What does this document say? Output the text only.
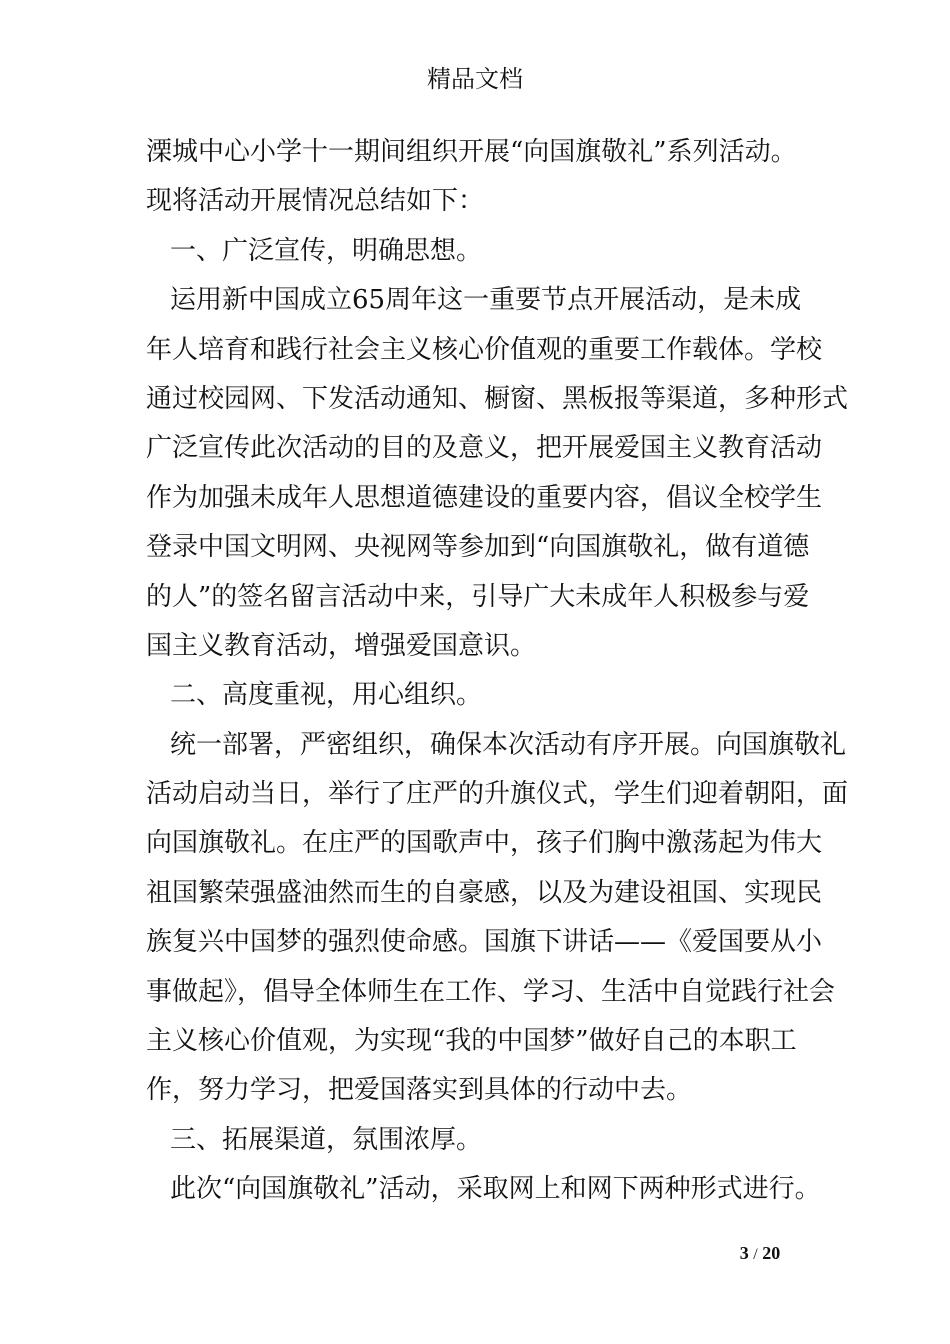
精品文档
溧城中心小学十一期间组织开展“向国旗敬礼”系列活动。
现将活动开展情况总结如下：
一、广泛宣传，明确思想。
运用新中国成立65周年这一重要节点开展活动，是未成
年人培育和践行社会主义核心价值观的重要工作载体。学校
通过校园网、下发活动通知、橱窗、黑板报等渠道，多种形式
广泛宣传此次活动的目的及意义，把开展爱国主义教育活动
作为加强未成年人思想道德建设的重要内容，倡议全校学生
登录中国文明网、央视网等参加到“向国旗敬礼，做有道德
的人”的签名留言活动中来，引导广大未成年人积极参与爱
国主义教育活动，增强爱国意识。
二、高度重视，用心组织。
统一部署，严密组织，确保本次活动有序开展。向国旗敬礼
活动启动当日，举行了庄严的升旗仪式，学生们迎着朝阳，面
向国旗敬礼。在庄严的国歌声中，孩子们胸中激荡起为伟大
祖国繁荣强盛油然而生的自豪感，以及为建设祖国、实现民
族复兴中国梦的强烈使命感。国旗下讲话——《爱国要从小
事做起》，倡导全体师生在工作、学习、生活中自觉践行社会
主义核心价值观，为实现“我的中国梦”做好自己的本职工
作，努力学习，把爱国落实到具体的行动中去。
三、拓展渠道，氛围浓厚。
此次“向国旗敬礼”活动，采取网上和网下两种形式进行。
3 / 20
